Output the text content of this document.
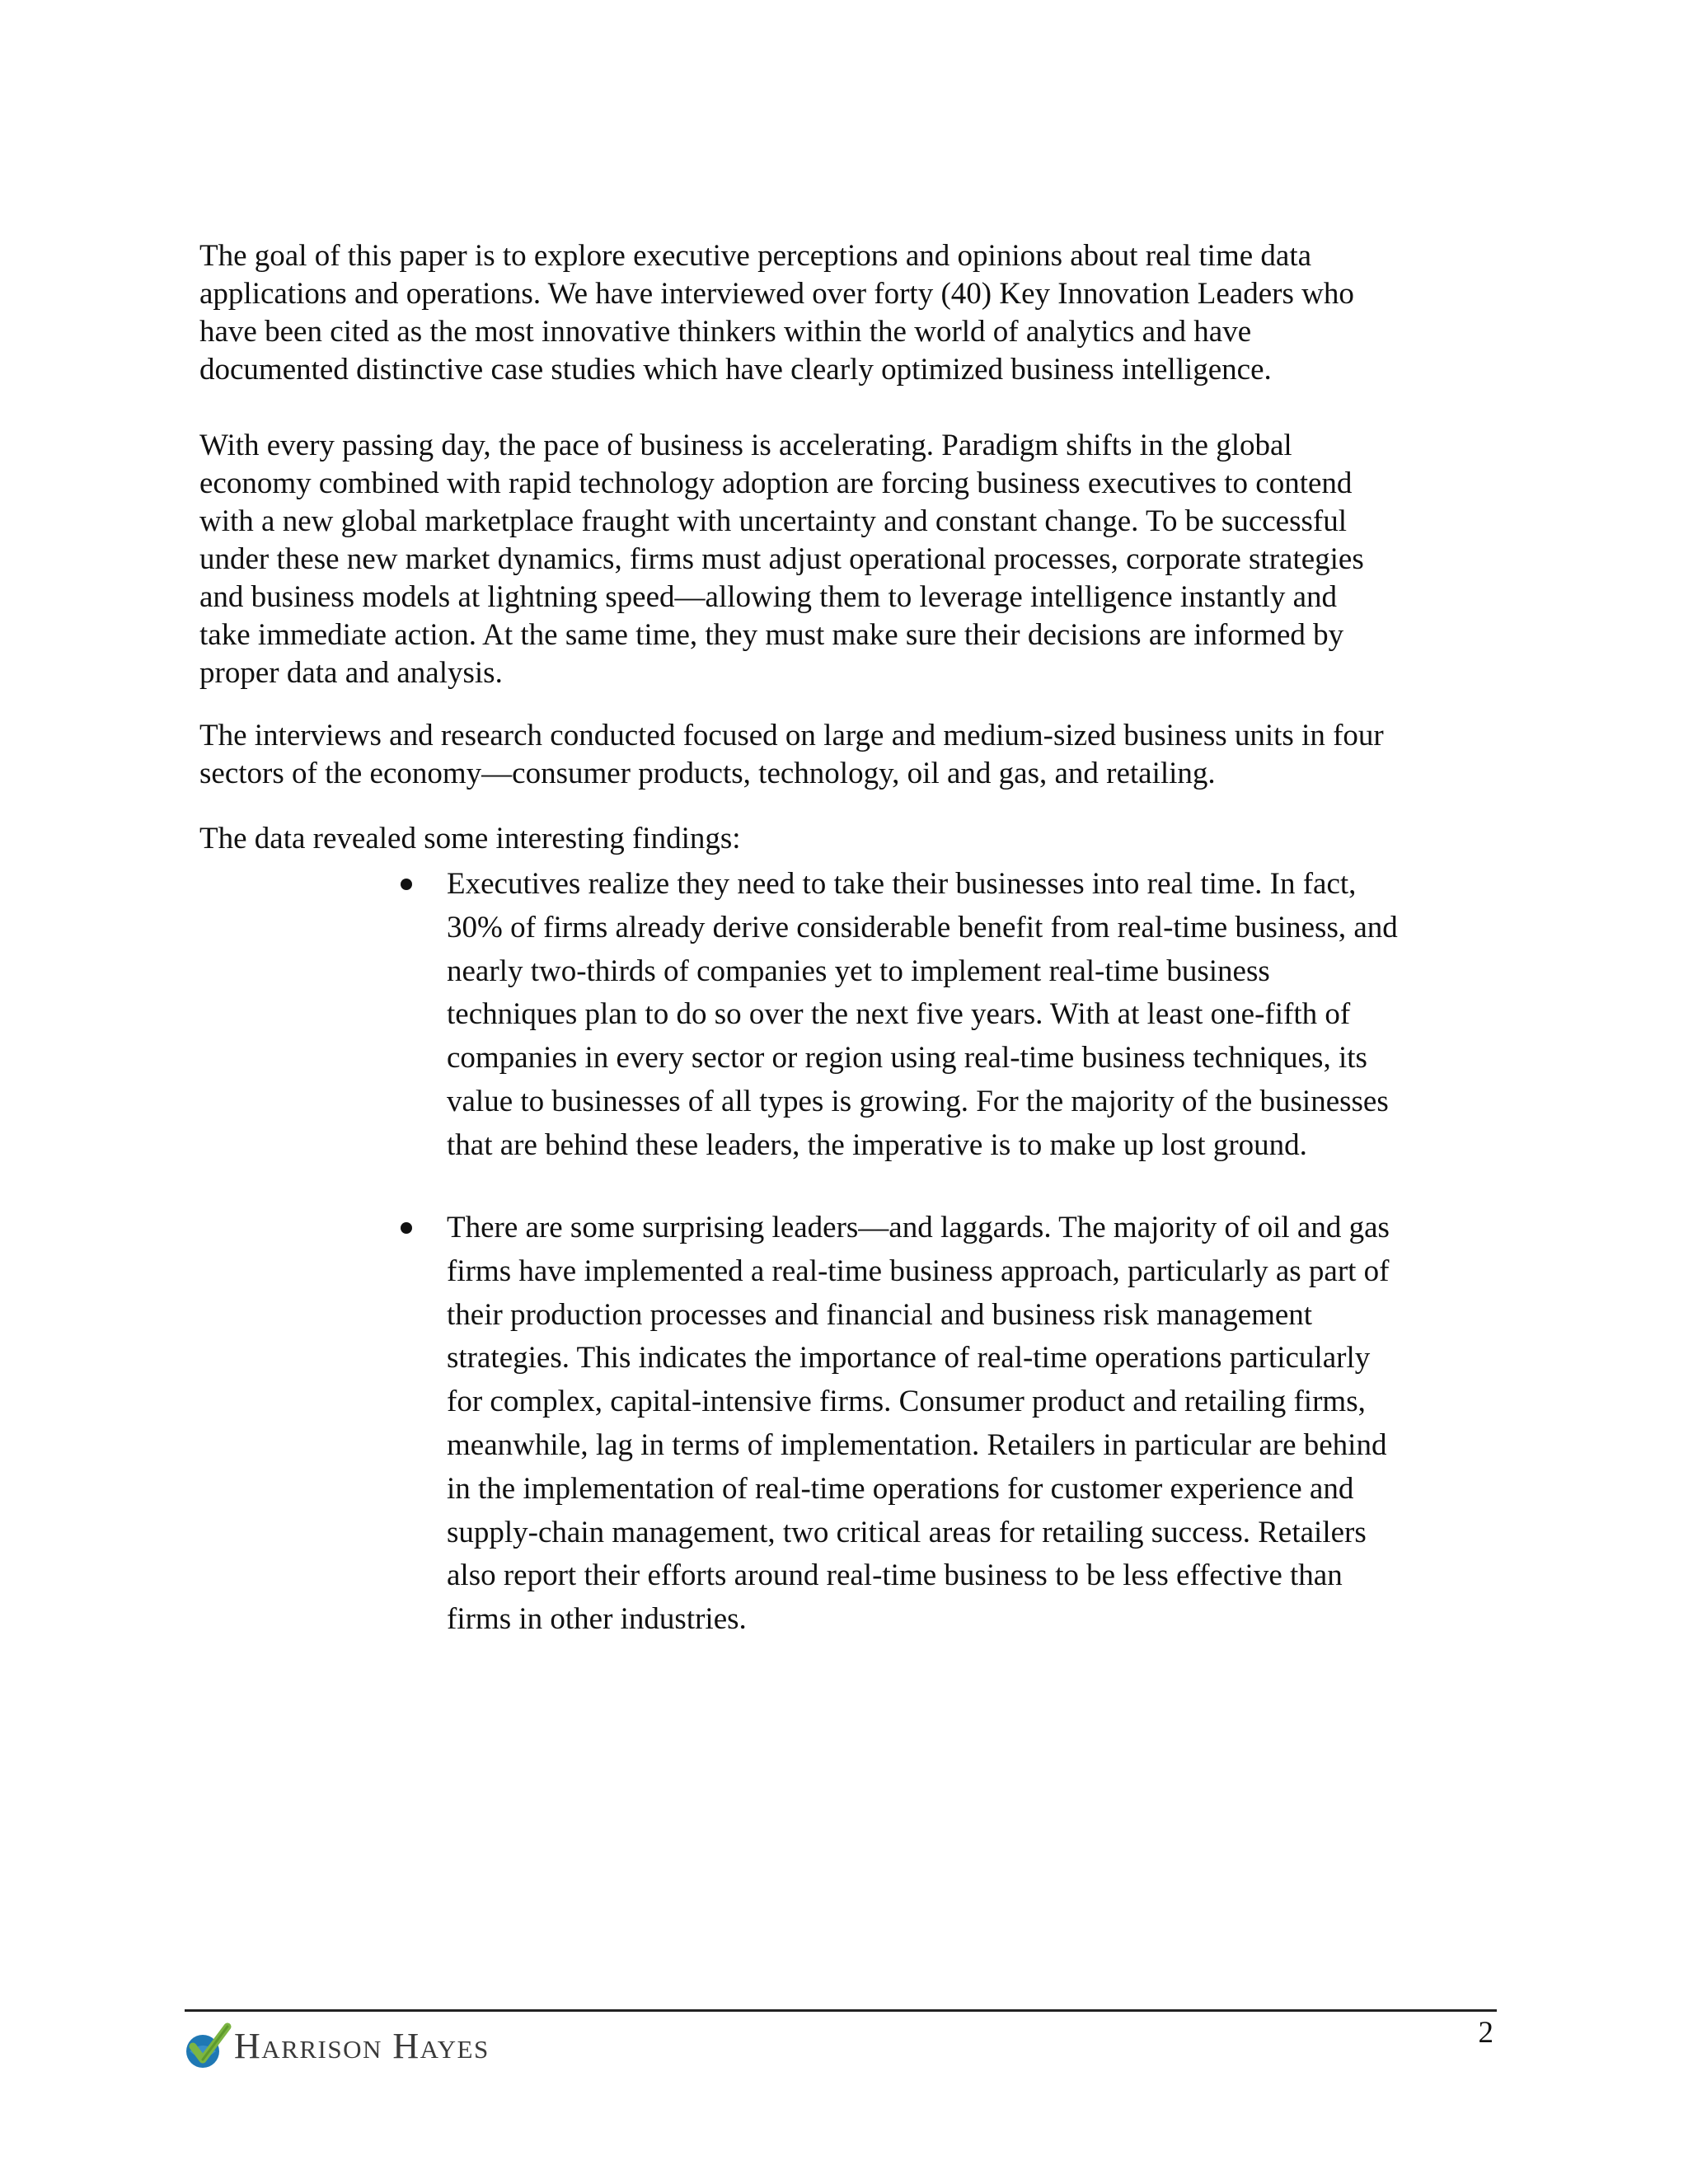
The goal of this paper is to explore executive perceptions and opinions about real time data
applications and operations. We have interviewed over forty (40) Key Innovation Leaders who
have been cited as the most innovative thinkers within the world of analytics and have
documented distinctive case studies which have clearly optimized business intelligence.

With every passing day, the pace of business is accelerating. Paradigm shifts in the global
economy combined with rapid technology adoption are forcing business executives to contend
with a new global marketplace fraught with uncertainty and constant change. To be successful
under these new market dynamics, firms must adjust operational processes, corporate strategies
and business models at lightning speed—allowing them to leverage intelligence instantly and
take immediate action. At the same time, they must make sure their decisions are informed by
proper data and analysis.

The interviews and research conducted focused on large and medium-sized business units in four
sectors of the economy—consumer products, technology, oil and gas, and retailing.

The data revealed some interesting findings:

Executives realize they need to take their businesses into real time. In fact,
30% of firms already derive considerable benefit from real-time business, and
nearly two-thirds of companies yet to implement real-time business
techniques plan to do so over the next five years. With at least one-fifth of
companies in every sector or region using real-time business techniques, its
value to businesses of all types is growing. For the majority of the businesses
that are behind these leaders, the imperative is to make up lost ground.

There are some surprising leaders—and laggards. The majority of oil and gas
firms have implemented a real-time business approach, particularly as part of
their production processes and financial and business risk management
strategies. This indicates the importance of real-time operations particularly
for complex, capital-intensive firms. Consumer product and retailing firms,
meanwhile, lag in terms of implementation. Retailers in particular are behind
in the implementation of real-time operations for customer experience and
supply-chain management, two critical areas for retailing success. Retailers
also report their efforts around real-time business to be less effective than
firms in other industries.

Harrison Hayes	2
